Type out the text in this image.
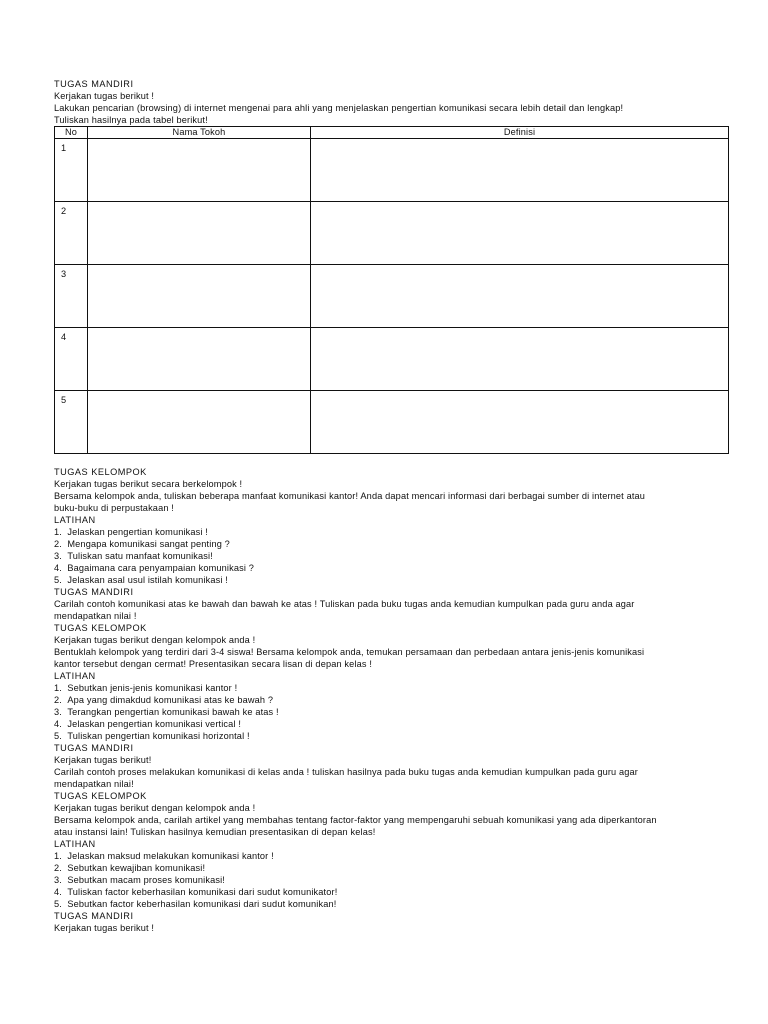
TUGAS MANDIRI
Kerjakan tugas berikut !
Lakukan pencarian (browsing) di internet mengenai para ahli yang menjelaskan pengertian komunikasi secara lebih detail dan lengkap!
Tuliskan hasilnya pada tabel berikut!
No	Nama Tokoh	Definisi
1		
2		
3		
4		
5		
TUGAS KELOMPOK
Kerjakan tugas berikut secara berkelompok !
Bersama kelompok anda, tuliskan beberapa manfaat komunikasi kantor! Anda dapat mencari informasi dari berbagai sumber di internet atau
buku-buku di perpustakaan !
LATIHAN
1.  Jelaskan pengertian komunikasi !
2.  Mengapa komunikasi sangat penting ?
3.  Tuliskan satu manfaat komunikasi!
4.  Bagaimana cara penyampaian komunikasi ?
5.  Jelaskan asal usul istilah komunikasi !
TUGAS MANDIRI
Carilah contoh komunikasi atas ke bawah dan bawah ke atas ! Tuliskan pada buku tugas anda kemudian kumpulkan pada guru anda agar
mendapatkan nilai !
TUGAS KELOMPOK
Kerjakan tugas berikut dengan kelompok anda !
Bentuklah kelompok yang terdiri dari 3-4 siswa! Bersama kelompok anda, temukan persamaan dan perbedaan antara jenis-jenis komunikasi
kantor tersebut dengan cermat! Presentasikan secara lisan di depan kelas !
LATIHAN
1.  Sebutkan jenis-jenis komunikasi kantor !
2.  Apa yang dimakdud komunikasi atas ke bawah ?
3.  Terangkan pengertian komunikasi bawah ke atas !
4.  Jelaskan pengertian komunikasi vertical !
5.  Tuliskan pengertian komunikasi horizontal !
TUGAS MANDIRI
Kerjakan tugas berikut!
Carilah contoh proses melakukan komunikasi di kelas anda ! tuliskan hasilnya pada buku tugas anda kemudian kumpulkan pada guru agar
mendapatkan nilai!
TUGAS KELOMPOK
Kerjakan tugas berikut dengan kelompok anda !
Bersama kelompok anda, carilah artikel yang membahas tentang factor-faktor yang mempengaruhi sebuah komunikasi yang ada diperkantoran
atau instansi lain! Tuliskan hasilnya kemudian presentasikan di depan kelas!
LATIHAN
1.  Jelaskan maksud melakukan komunikasi kantor !
2.  Sebutkan kewajiban komunikasi!
3.  Sebutkan macam proses komunikasi!
4.  Tuliskan factor keberhasilan komunikasi dari sudut komunikator!
5.  Sebutkan factor keberhasilan komunikasi dari sudut komunikan!
TUGAS MANDIRI
Kerjakan tugas berikut !
